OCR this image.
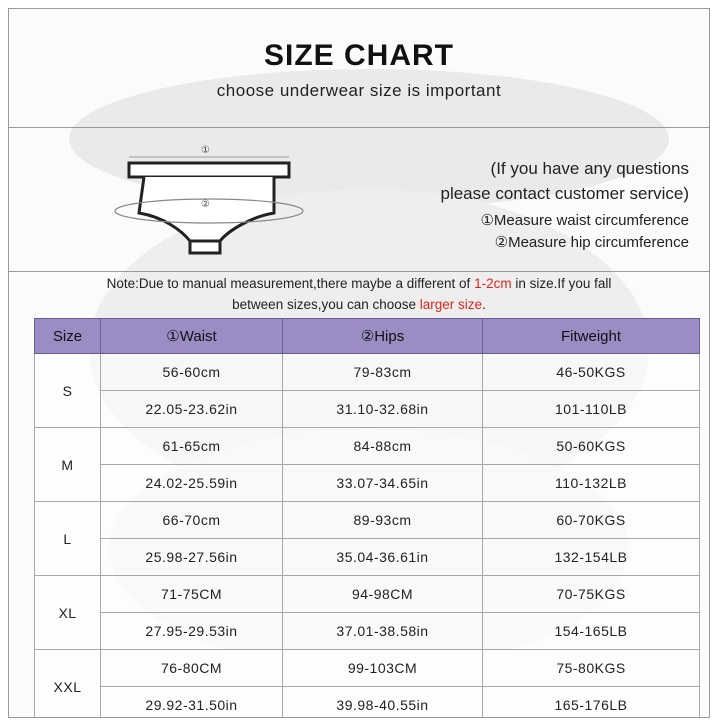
SIZE CHART
choose underwear size is important
①
②
(If you have any questions
please contact customer service)
①Measure waist circumference
②Measure hip circumference
Note:Due to manual measurement,there maybe a different of 1-2cm in size.If you fall
between sizes,you can choose larger size.
Size	①Waist	②Hips	Fitweight
S	56-60cm	79-83cm	46-50KGS
	22.05-23.62in	31.10-32.68in	101-110LB
M	61-65cm	84-88cm	50-60KGS
	24.02-25.59in	33.07-34.65in	110-132LB
L	66-70cm	89-93cm	60-70KGS
	25.98-27.56in	35.04-36.61in	132-154LB
XL	71-75CM	94-98CM	70-75KGS
	27.95-29.53in	37.01-38.58in	154-165LB
XXL	76-80CM	99-103CM	75-80KGS
	29.92-31.50in	39.98-40.55in	165-176LB
